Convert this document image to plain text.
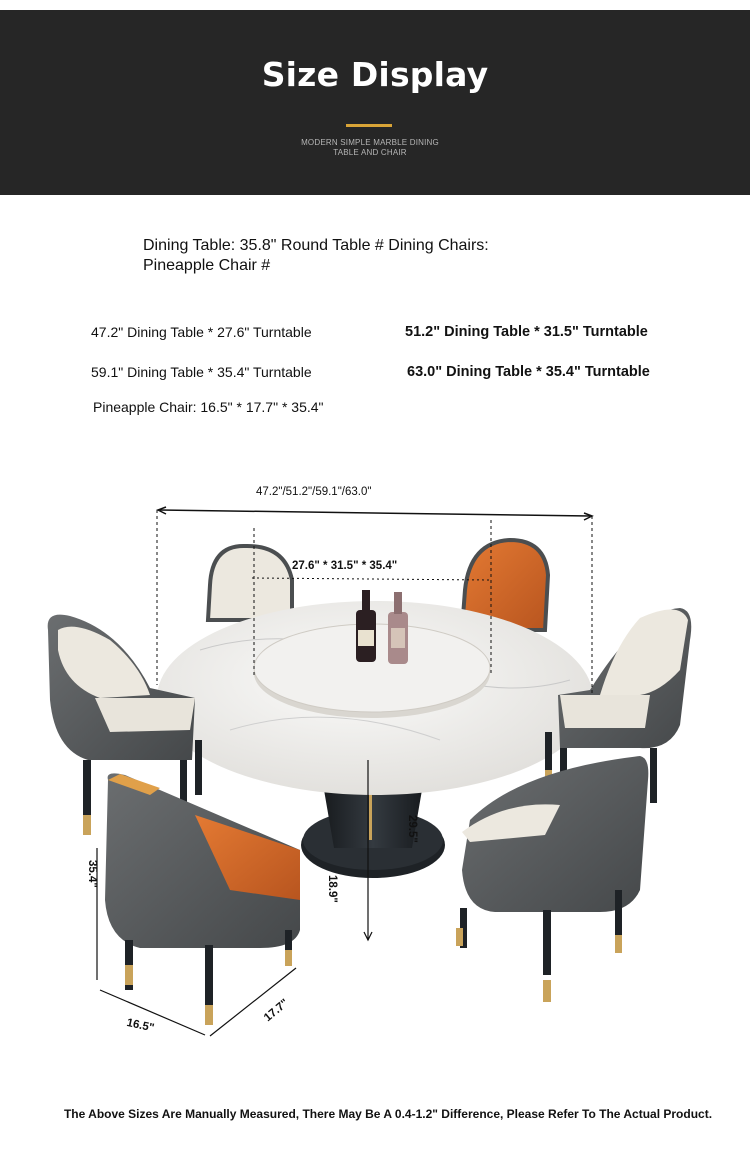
Size Display
MODERN SIMPLE MARBLE DINING
TABLE AND CHAIR
Dining Table: 35.8" Round Table # Dining Chairs: Pineapple Chair #
47.2" Dining Table * 27.6" Turntable	51.2" Dining Table * 31.5" Turntable
59.1" Dining Table * 35.4" Turntable	63.0" Dining Table * 35.4" Turntable
Pineapple Chair: 16.5" * 17.7" * 35.4"
47.2"/51.2"/59.1"/63.0"
27.6" * 31.5" * 35.4"
29.5"
18.9"
35.4"
16.5"
17.7"
The Above Sizes Are Manually Measured, There May Be A 0.4-1.2" Difference, Please Refer To The Actual Product.
